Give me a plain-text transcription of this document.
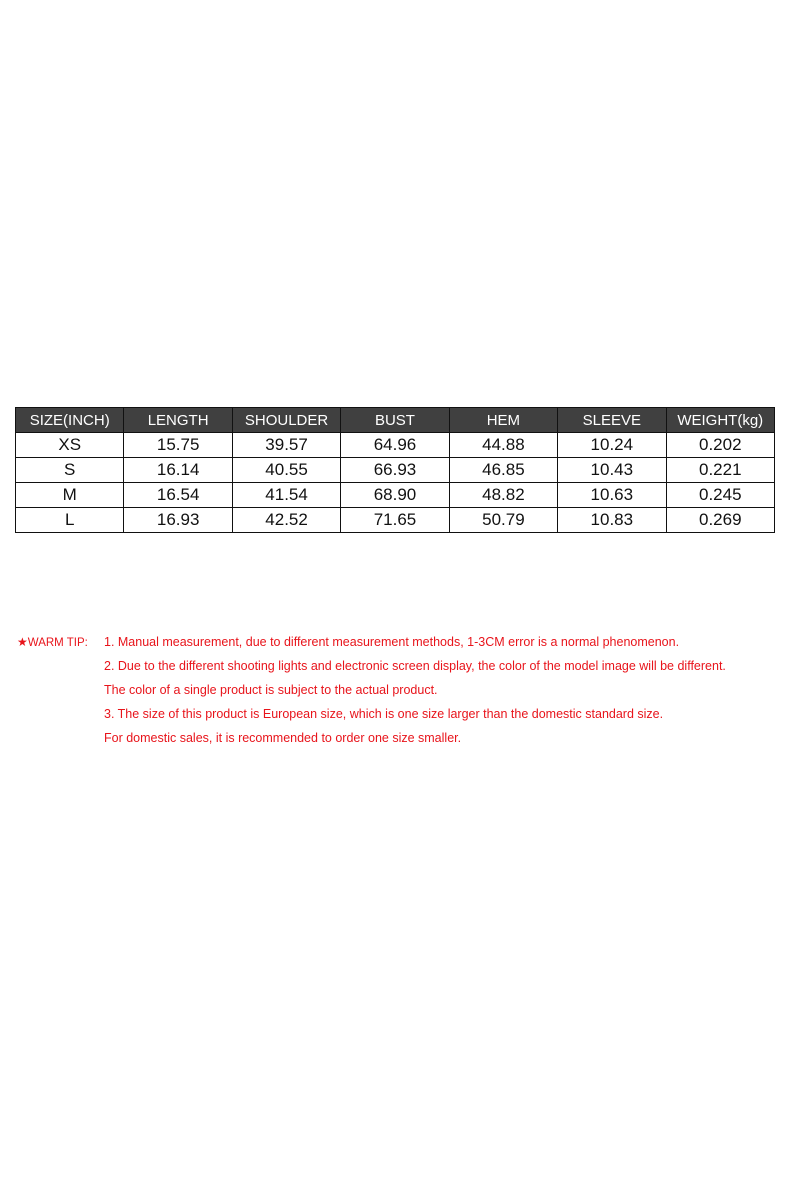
SIZE(INCH)	LENGTH	SHOULDER	BUST	HEM	SLEEVE	WEIGHT(kg)
XS	15.75	39.57	64.96	44.88	10.24	0.202
S	16.14	40.55	66.93	46.85	10.43	0.221
M	16.54	41.54	68.90	48.82	10.63	0.245
L	16.93	42.52	71.65	50.79	10.83	0.269
★WARM TIP:	1. Manual measurement, due to different measurement methods, 1-3CM error is a normal phenomenon.
2. Due to the different shooting lights and electronic screen display, the color of the model image will be different.
The color of a single product is subject to the actual product.
3. The size of this product is European size, which is one size larger than the domestic standard size.
For domestic sales, it is recommended to order one size smaller.
